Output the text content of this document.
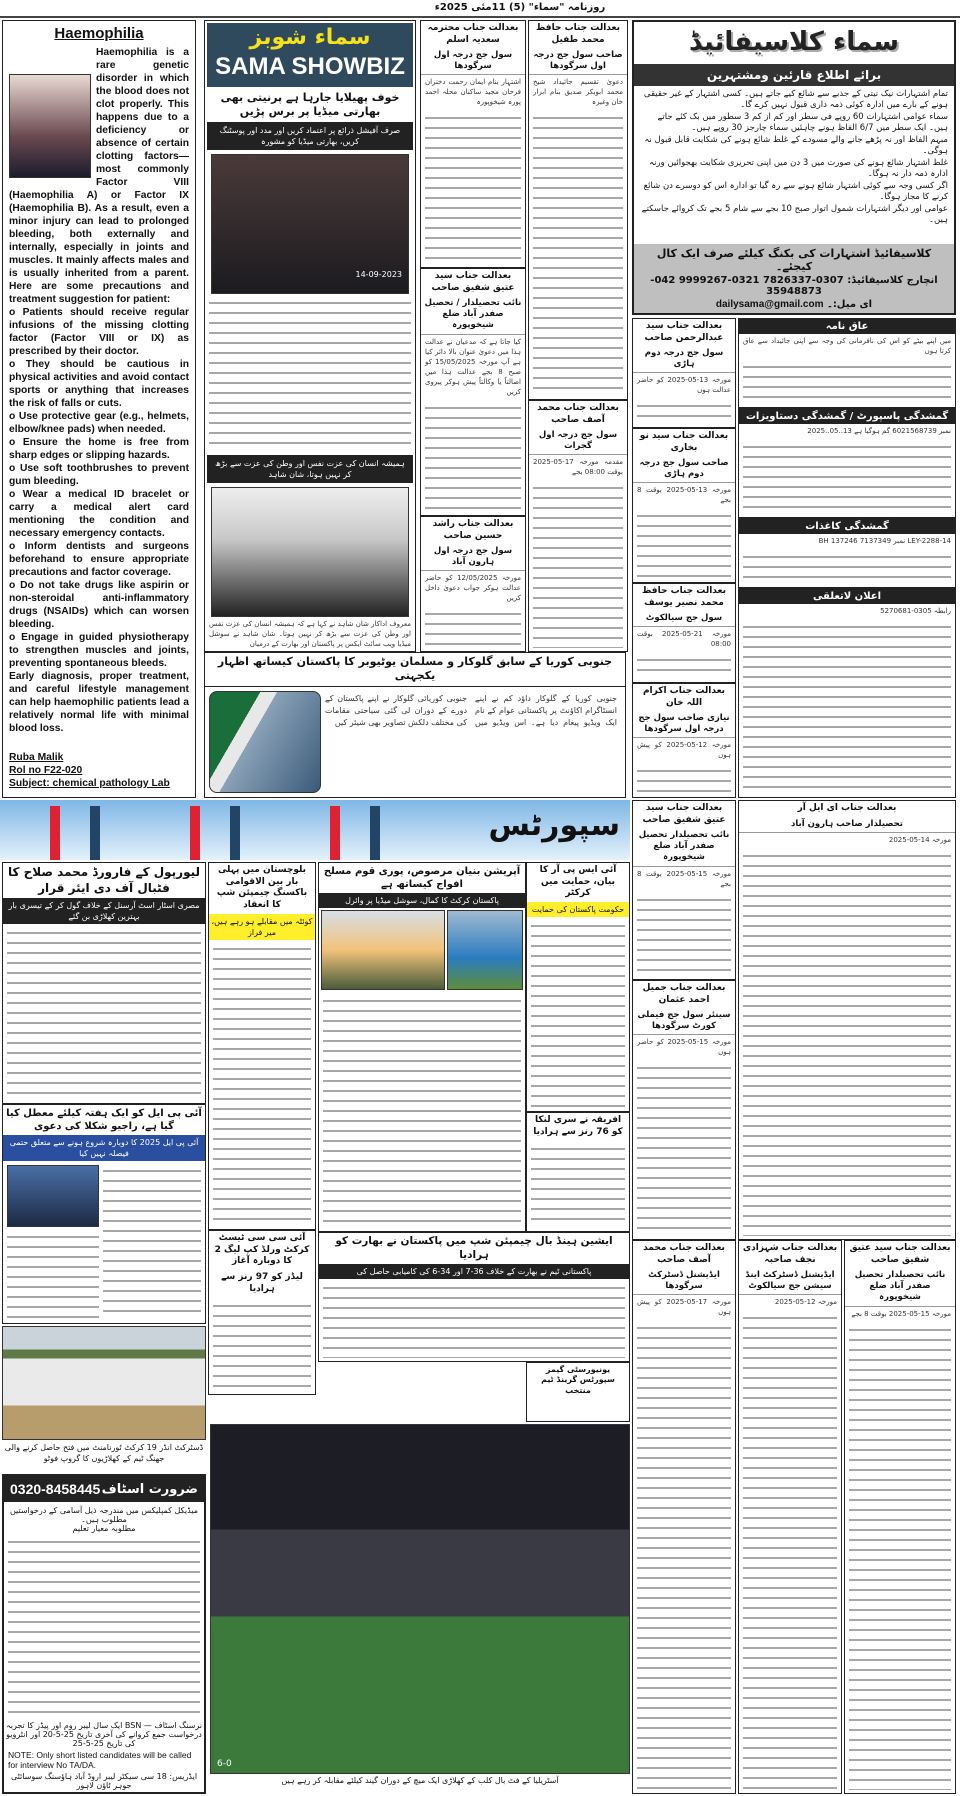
روزنامہ "سماء" (5) 11مئی 2025ء
Haemophilia
Haemophilia is a rare genetic disorder in which the blood does not clot properly. This happens due to a deficiency or absence of certain clotting factors—most commonly Factor VIII (Haemophilia A) or Factor IX (Haemophilia B). As a result, even a minor injury can lead to prolonged bleeding, both externally and internally, especially in joints and muscles. It mainly affects males and is usually inherited from a parent. Here are some precautions and treatment suggestion for patient:
o Patients should receive regular infusions of the missing clotting factor (Factor VIII or IX) as prescribed by their doctor.
o They should be cautious in physical activities and avoid contact sports or anything that increases the risk of falls or cuts.
o Use protective gear (e.g., helmets, elbow/knee pads) when needed.
o Ensure the home is free from sharp edges or slipping hazards.
o Use soft toothbrushes to prevent gum bleeding.
o Wear a medical ID bracelet or carry a medical alert card mentioning the condition and necessary emergency contacts.
o Inform dentists and surgeons beforehand to ensure appropriate precautions and factor coverage.
o Do not take drugs like aspirin or non-steroidal anti-inflammatory drugs (NSAIDs) which can worsen bleeding.
o Engage in guided physiotherapy to strengthen muscles and joints, preventing spontaneous bleeds.
Early diagnosis, proper treatment, and careful lifestyle management can help haemophilic patients lead a relatively normal life with minimal blood loss.
Ruba Malik
Rol no F22-020
Subject: chemical pathology Lab
سماء شوبز
SAMA SHOWBIZ
خوف پھیلایا جارہا ہے پرنیتی بھی بھارتی میڈیا پر برس پڑیں
صرف آفیشل ذرائع پر اعتماد کریں اور مدد اور پوسٹنگ کریں، بھارتی میڈیا کو مشورہ
14-09-2023
ہمیشہ انسان کی عزت نفس اور وطن کی عزت سے بڑھ کر نہیں ہوتا، شان شاہد
معروف اداکار شان شاہد نے کہا ہے کہ ہمیشہ انسان کی عزت نفس اور وطن کی عزت سے بڑھ کر نہیں ہوتا۔ شان شاہد نے سوشل میڈیا ویب سائٹ ایکس پر پاکستان اور بھارت کے درمیان
جنوبی کوریا کے سابق گلوکار و مسلمان یوٹیوبر کا پاکستان کیساتھ اظہار یکجہتی
جنوبی کوریا کے گلوکار داؤد کم نے اپنے انسٹاگرام اکاؤنٹ پر پاکستانی عوام کے نام ایک ویڈیو پیغام دیا ہے۔ اس ویڈیو میں جنوبی کوریائی گلوکار نے اپنے پاکستان کے دورے کے دوران لی گئی سیاحتی مقامات کی مختلف دلکش تصاویر بھی شیئر کیں
بعدالت جناب محترمہ سعدیہ اسلم
سول جج درجہ اول سرگودھا
اشتہار بنام ایمان رحمت دختران فرحان مجید ساکنان محلہ احمد پورہ شیخوپورہ
بعدالت جناب سید عتیق شفیق صاحب
نائب تحصیلدار / تحصیل صفدر آباد ضلع شیخوپورہ
کیا جاتا ہے کہ مدعیان نے عدالت ہذا میں دعویٰ عنوان بالا دائر کیا ہے آپ مورخہ 15/05/2025 کو صبح 8 بجے عدالت ہذا میں اصالتاً یا وکالتاً پیش ہوکر پیروی کریں
بعدالت جناب راشد حسین صاحب
سول جج درجہ اول ہارون آباد
مورخہ 12/05/2025 کو حاضر عدالت ہوکر جواب دعویٰ داخل کریں
بعدالت جناب حافظ محمد طفیل
صاحب سول جج درجہ اول سرگودھا
دعویٰ تقسیم جائیداد شیخ محمد ابوبکر صدیق بنام ابرار خان وغیرہ
بعدالت جناب محمد آصف صاحب
سول جج درجہ اول گجرات
مقدمہ مورخہ 17-05-2025 بوقت 08:00 بجے
بعدالت جناب سید عبدالرحمن صاحب
سول جج درجہ دوم ہاڑی
مورخہ 13-05-2025 کو حاضر عدالت ہوں
بعدالت جناب سید نو بخاری
صاحب سول جج درجہ دوم ہاڑی
مورخہ 13-05-2025 بوقت 8 بجے
بعدالت جناب حافظ محمد نصیر یوسف
سول جج سیالکوٹ
مورخہ 21-05-2025 بوقت 08:00
بعدالت جناب اکرام اللہ خان
نیازی صاحب سول جج درجہ اول سرگودھا
مورخہ 12-05-2025 کو پیش ہوں
سماء کلاسیفائیڈ
برائے اطلاع قارئین ومشتہرین
تمام اشتہارات نیک نیتی کے جذبے سے شائع کیے جاتے ہیں۔ کسی اشتہار کے غیر حقیقی ہونے کے بارے میں ادارہ کوئی ذمہ داری قبول نہیں کرے گا۔
سماء عوامی اشتہارات 60 روپے فی سطر اور کم از کم 3 سطور میں بک کئے جاتے ہیں۔ ایک سطر میں 6/7 الفاظ ہونے چاہئیں سماء چارجز 30 روپے ہیں۔
مبہم الفاظ اور نہ پڑھے جانے والے مسودے کے غلط شائع ہونے کی شکایت قابل قبول نہ ہوگی۔
غلط اشتہار شائع ہونے کی صورت میں 3 دن میں اپنی تحریری شکایت بھجوائیں ورنہ ادارہ ذمہ دار نہ ہوگا۔
اگر کسی وجہ سے کوئی اشتہار شائع ہونے سے رہ گیا تو ادارہ اس کو دوسرے دن شائع کرنے کا مجاز ہوگا۔
عوامی اور دیگر اشتہارات شمول اتوار صبح 10 بجے سے شام 5 بجے تک کروائے جاسکتے ہیں۔
کلاسیفائیڈ اشتہارات کی بکنگ کیلئے صرف ایک کال کیجئے۔
انچارج کلاسیفائیڈ: 0307-7826337 0321-9999267 042-35948873
ای میل:۔ dailysama@gmail.com
عاق نامہ
میں اپنے بیٹے کو اس کی نافرمانی کی وجہ سے اپنی جائیداد سے عاق کرتا ہوں
گمشدگی پاسپورٹ / گمشدگی دستاویزات
نمبر 6021568739 گم ہوگیا ہے 13..05..2025
گمشدگی کاغذات
LEY-2288-14 نمبر 7137349 BH 137246
اعلان لاتعلقی
رابطہ 0305-5270681
سپورٹس
لیورپول کے فارورڈ محمد صلاح کا فٹبال آف دی ایئر قرار
مصری اسٹار اسٹ آرسنل کے خلاف گول کر کے تیسری بار بہترین کھلاڑی بن گئے
آئی پی ایل کو ایک ہفتہ کیلئے معطل کیا گیا ہے، راجیو شکلا کی دعوی
آئی پی ایل 2025 کا دوبارہ شروع ہونے سے متعلق حتمی فیصلہ نہیں کیا
ڈسٹرکٹ انڈر 19 کرکٹ ٹورنامنٹ میں فتح حاصل کرنے والی جھنگ ٹیم کے کھلاڑیوں کا گروپ فوٹو
0320-8458445 ضرورت اسٹاف
میڈیکل کمپلیکس میں مندرجہ ذیل آسامی کے درخواستیں مطلوب ہیں۔
مطلوبہ معیار تعلیم
نرسنگ اسٹاف — BSN ایک سال لیبر روم اور پیڈز کا تجربہ
درخواست جمع کروانے کی آخری تاریخ 25-5-20 اور انٹرویو کی تاریخ 25-5-25
NOTE: Only short listed candidates will be called for interview No TA/DA.
ایڈریس: 18 سی سیکٹر لیبر اروڈ آباد ہاؤسنگ سوسائٹی جوہر ٹاؤن لاہور
بلوچستان میں پہلی بار بین الاقوامی باکسنگ چیمپئن شپ کا انعقاد
کوئٹہ میں مقابلے ہو رہے ہیں، میر فراز
آئی سی سی ٹیسٹ کرکٹ ورلڈ کپ لیگ 2 کا دوبارہ آغاز
لیڈز کو 97 رنز سے ہرادیا
آپریشن بنیان مرصوص، پوری قوم مسلح افواج کیساتھ ہے
پاکستان کرکٹ کا کمال، سوشل میڈیا پر وائرل
آئی ایس پی آر کا بیان، حمایت میں کرکٹر
حکومت پاکستان کی حمایت
افریقہ نے سری لنکا کو 76 رنز سے ہرادیا
ایشین ہینڈ بال چیمپئن شپ میں پاکستان نے بھارت کو ہرادیا
پاکستانی ٹیم نے بھارت کے خلاف 36-7 اور 34-6 کی کامیابی حاصل کی
یونیورسٹی گیمز سپورٹس گرینڈ ٹیم منتخب
6-0
آسٹریلیا کے فٹ بال کلب کے کھلاڑی ایک میچ کے دوران گیند کیلئے مقابلہ کر رہے ہیں
بعدالت جناب سید عتیق شفیق صاحب
نائب تحصیلدار تحصیل صفدر آباد ضلع شیخوپورہ
مورخہ 15-05-2025 بوقت 8 بجے
بعدالت جناب جمیل احمد عثمان
سینئر سول جج فیملی کورٹ سرگودھا
مورخہ 15-05-2025 کو حاضر ہوں
بعدالت جناب محمد آصف صاحب
ایڈیشنل ڈسٹرکٹ سرگودھا
مورخہ 17-05-2025 کو پیش ہوں
بعدالت جناب ای ایل آر
تحصیلدار صاحب ہارون آباد
مورخہ 14-05-2025
بعدالت جناب شہزادی نجف صاحبہ
ایڈیشنل ڈسٹرکٹ اینڈ سیشن جج سیالکوٹ
مورخہ 12-05-2025
بعدالت جناب سید عتیق شفیق صاحب
نائب تحصیلدار تحصیل صفدر آباد ضلع شیخوپورہ
مورخہ 15-05-2025 بوقت 8 بجے
